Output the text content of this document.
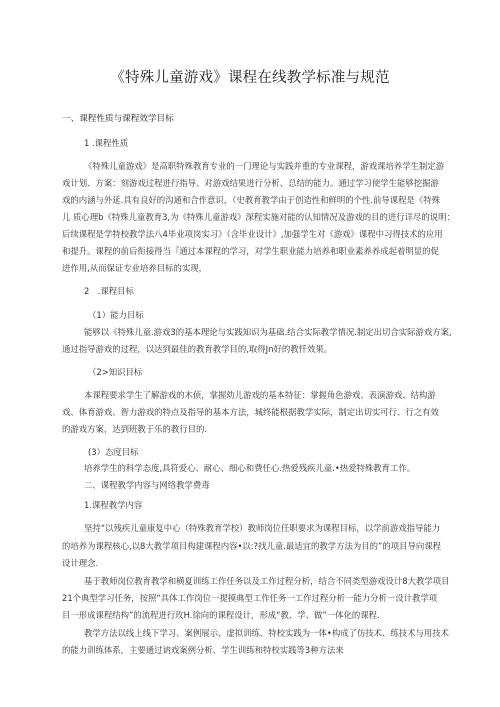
《特殊儿童游戏》课程在线教学标准与规范
一、课程性质与课程效学目标
1 .课程性质
《特殊儿童游戏》是高职特殊教育专业的一门理论与实践并重的专业课程，游戏课培养学生制定游
戏计划、方案：刻游戏过程进行指导、对游戏结果进行分析、总结的能力。通过学习使学生能够挖掘游
戏的内涵与外延.具有良好的沟通和合作意识，（史教育教学由于创造性和鲜明的个性.前导课程是《特殊
儿 质心理b《特殊儿童教育3,为《特殊儿童游戏》深程实施对能的认知情况及游戏的目的进行详尽的说明：
后续课程是学特校教学法八4毕业项岗实习》（含毕业设计》,加强学生对《游戏》课程中习得技术的应用
和提升。课程的前后衔接得当『通过本课程的学习，对学生职业能力培养和职业素养养成起着明显的促
进作用,从而保证专业培养目标的实现，
2　.课程目标
（1）能力目标
能够以《特殊儿童.游戏3的基本理论与实践知识为基础.结合实际教学情况.制定出切合实际游戏方案,
通过指导游戏的过程，以达到最佳的教育教学目的,取得Jn好的教忏效果。
（2>知识目标
本课程要求学生了解游戏的木侦，掌握幼儿游戏的基本特征：掌握角色游戏、表演游戏、结构游
戏、体育游戏、智力游戏的特点及指导的基本方法，城终能根据教学实际，制定出切实可行、行之有效
的游戏方案，达到班教于乐的教行目的.
(3）态度目标
培养学生的科学态度,具符爱心、耐心、细心和费任心.热爱残疾儿童.•热爱特殊教育工作。
二、课程教学内容与网络教学费毒
1.课程教学内容
坚持“以残疾儿童康复中心（特殊教育学校）教师岗位任职要求为课程目标，以学前游戏指导能力
的培养为课程核心,以8大教学项目构建课程内容•以:?找儿童.最适宜的教学方法为目的”的项目导向课程
设计理念.
基于教师岗位教育教学和横夏训练工作任务以及工作过程分析，结合不同类型游戏设计8大教学项目
21个典型学习任务，按照“具体工作岗位一提摸典型工作任务一工作过程分析一能力分析一设计教学项
目一形成课程结构”的流程进行玫H.徐向的课程设计，形成“教、学、做”一体化的课程.
教学方法以线上线下学习、案例展示、虚拟训练、特校实践为一体•构成了仿技术、练技术与用技术
的能力训练体系，主要通过讷戏案例分析、学生训练和特校实践等3种方法来
